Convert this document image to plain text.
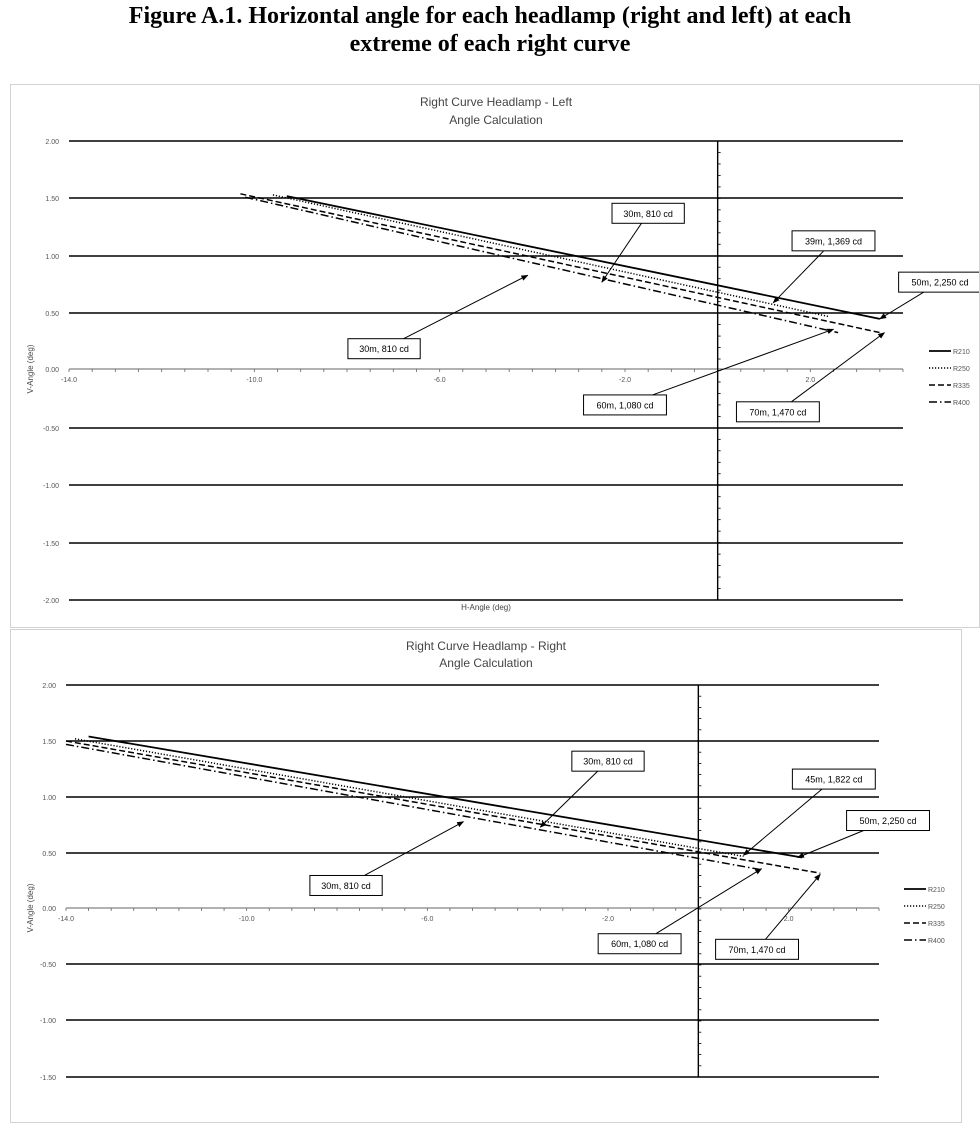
Figure A.1. Horizontal angle for each headlamp (right and left) at each
extreme of each right curve
Right Curve Headlamp - Left
Angle Calculation
2.00
1.50
1.00
0.50
0.00
-0.50
-1.00
-1.50
-2.00
-14.0	-10.0	-6.0	-2.0	2.0
H-Angle (deg)
V-Angle (deg)	R210
R250
R335
R400
30m, 810 cd
39m, 1,369 cd
50m, 2,250 cd
30m, 810 cd
60m, 1,080 cd
70m, 1,470 cd
Right Curve Headlamp - Right
Angle Calculation
2.00
1.50
1.00
0.50
0.00
-0.50
-1.00
-1.50
-14.0	-10.0	-6.0	-2.0	2.0
V-Angle (deg)	R210
R250
R335
R400
30m, 810 cd
45m, 1,822 cd
50m, 2,250 cd
30m, 810 cd
60m, 1,080 cd
70m, 1,470 cd
